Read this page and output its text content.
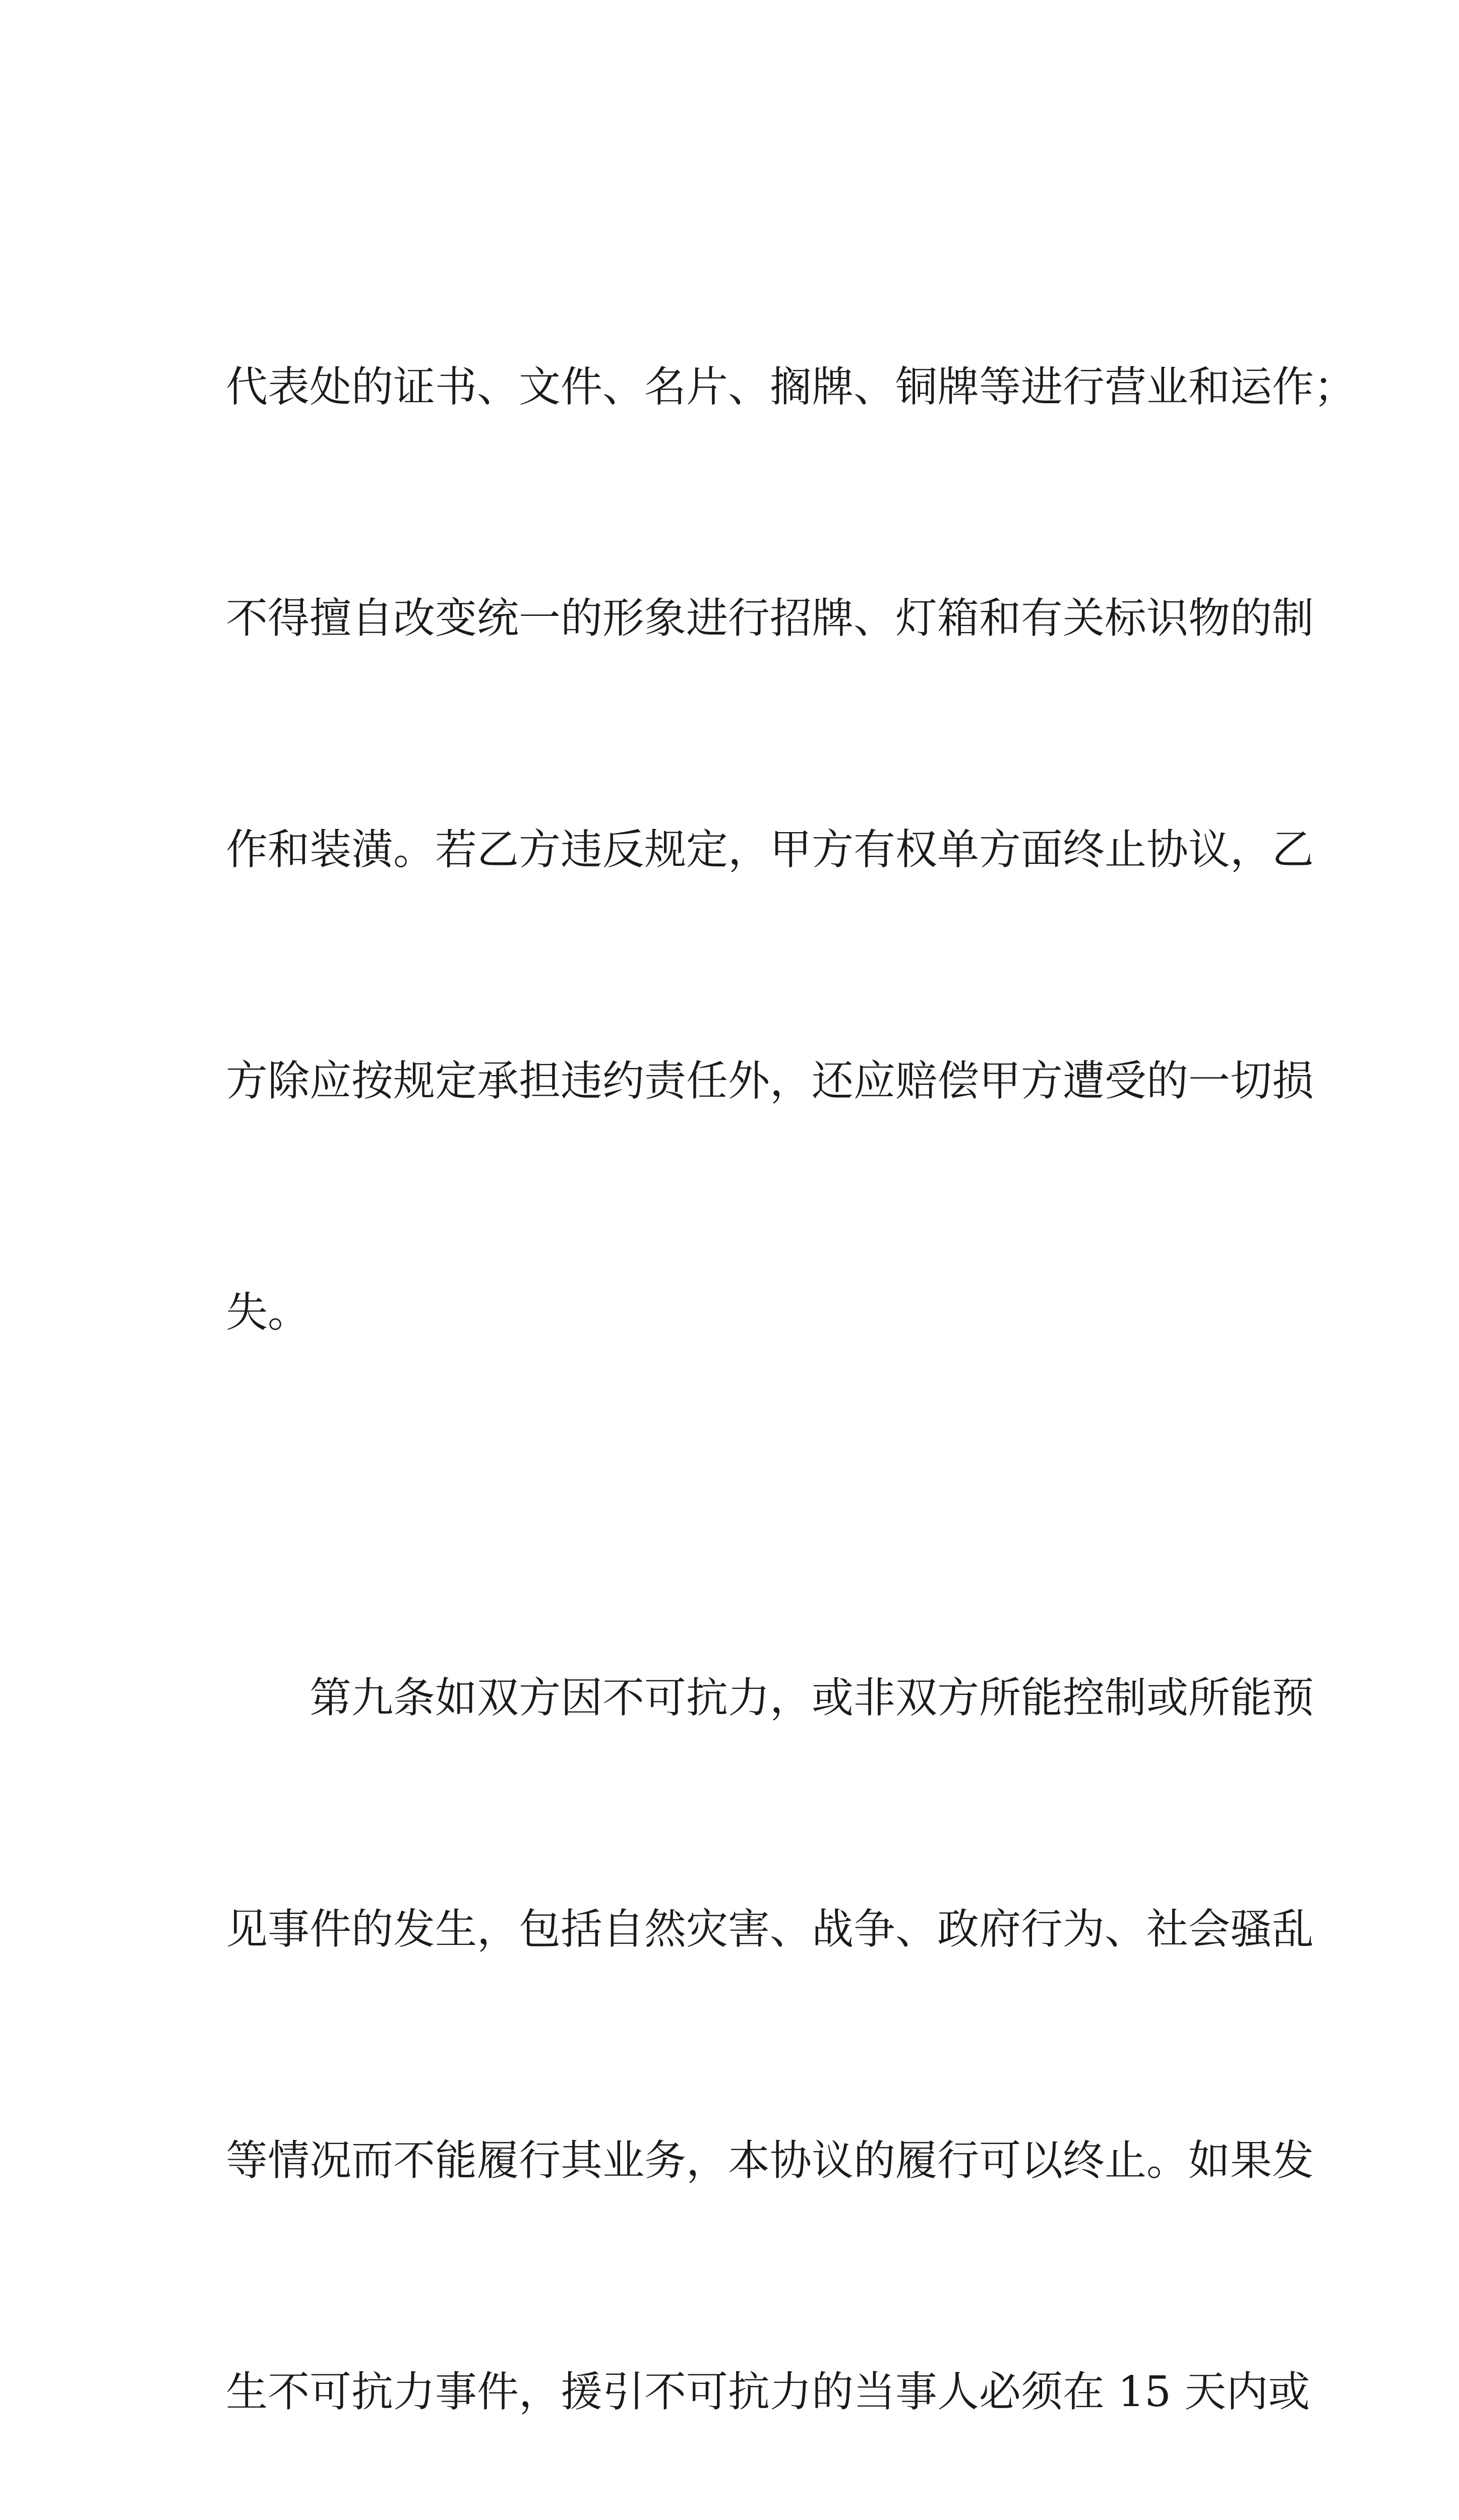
代表处的证书、文件、名片、搁牌、铜牌等进行营业和运作；

不得擅自改变统一的形象进行招牌、灯箱和有关标识物的制

作和装潢。若乙方违反规定，甲方有权单方面终止协议，乙

方除应按规定承担违约责任外，还应赔偿甲方遭受的一切损

失。

第九条如双方因不可抗力，或非双方所能控制或所能预

见事件的发生，包括自然灾害、战争、政府行为、社会骚乱

等情况而不能履行其业务，本协议的履行可以终止。如果发

生不可抗力事件，援引不可抗力的当事人必须在 15 天内或
